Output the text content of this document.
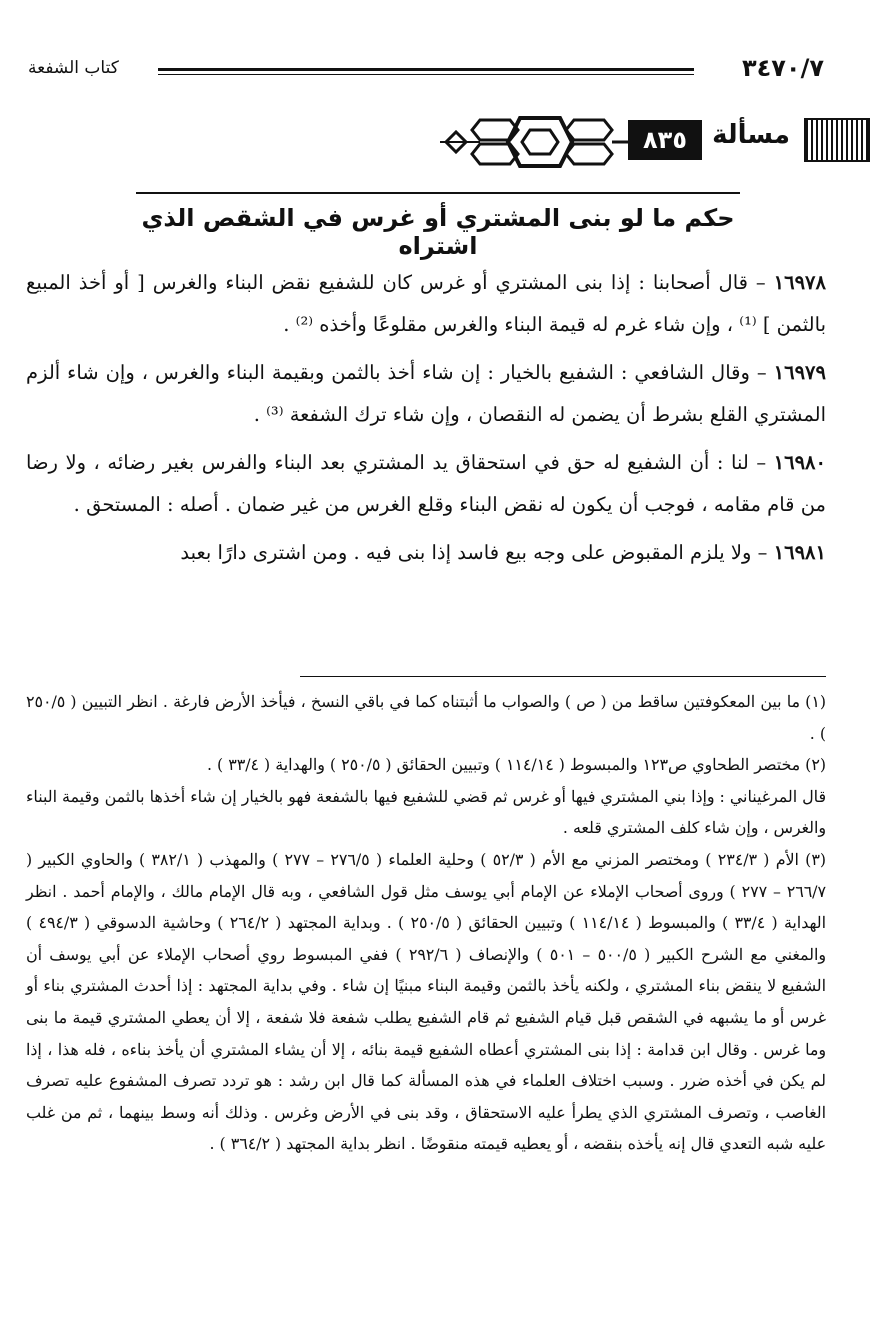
٣٤٧٠/٧
كتاب الشفعة
مسألة
٨٣٥
حكم ما لو بنى المشتري أو غرس في الشقص الذي اشتراه

١٦٩٧٨ – قال أصحابنا : إذا بنى المشتري أو غرس كان للشفيع نقض البناء والغرس [ أو أخذ المبيع بالثمن ] ⁽¹⁾ ، وإن شاء غرم له قيمة البناء والغرس مقلوعًا وأخذه ⁽²⁾ .

١٦٩٧٩ – وقال الشافعي : الشفيع بالخيار : إن شاء أخذ بالثمن وبقيمة البناء والغرس ، وإن شاء ألزم المشتري القلع بشرط أن يضمن له النقصان ، وإن شاء ترك الشفعة ⁽³⁾ .

١٦٩٨٠ – لنا : أن الشفيع له حق في استحقاق يد المشتري بعد البناء والفرس بغير رضائه ، ولا رضا من قام مقامه ، فوجب أن يكون له نقض البناء وقلع الغرس من غير ضمان . أصله : المستحق .

١٦٩٨١ – ولا يلزم المقبوض على وجه بيع فاسد إذا بنى فيه . ومن اشترى دارًا بعبد

(١) ما بين المعكوفتين ساقط من ( ص ) والصواب ما أثبتناه كما في باقي النسخ ، فيأخذ الأرض فارغة . انظر التبيين ( ٢٥٠/٥ ) .

(٢) مختصر الطحاوي ص١٢٣ والمبسوط ( ١١٤/١٤ ) وتبيين الحقائق ( ٢٥٠/٥ ) والهداية ( ٣٣/٤ ) .

قال المرغيناني : وإذا بني المشتري فيها أو غرس ثم قضي للشفيع فيها بالشفعة فهو بالخيار إن شاء أخذها بالثمن وقيمة البناء والغرس ، وإن شاء كلف المشتري قلعه .

(٣) الأم ( ٢٣٤/٣ ) ومختصر المزني مع الأم ( ٥٢/٣ ) وحلية العلماء ( ٢٧٦/٥ – ٢٧٧ ) والمهذب ( ٣٨٢/١ ) والحاوي الكبير ( ٢٦٦/٧ – ٢٧٧ ) وروى أصحاب الإملاء عن الإمام أبي يوسف مثل قول الشافعي ، وبه قال الإمام مالك ، والإمام أحمد . انظر الهداية ( ٣٣/٤ ) والمبسوط ( ١١٤/١٤ ) وتبيين الحقائق ( ٢٥٠/٥ ) . وبداية المجتهد ( ٢٦٤/٢ ) وحاشية الدسوقي ( ٤٩٤/٣ ) والمغني مع الشرح الكبير ( ٥٠٠/٥ – ٥٠١ ) والإنصاف ( ٢٩٢/٦ ) ففي المبسوط روي أصحاب الإملاء عن أبي يوسف أن الشفيع لا ينقض بناء المشتري ، ولكنه يأخذ بالثمن وقيمة البناء مبنيًا إن شاء . وفي بداية المجتهد : إذا أحدث المشتري بناء أو غرس أو ما يشبهه في الشقص قبل قيام الشفيع ثم قام الشفيع يطلب شفعة فلا شفعة ، إلا أن يعطي المشتري قيمة ما بنى وما غرس . وقال ابن قدامة : إذا بنى المشتري أعطاه الشفيع قيمة بنائه ، إلا أن يشاء المشتري أن يأخذ بناءه ، فله هذا ، إذا لم يكن في أخذه ضرر . وسبب اختلاف العلماء في هذه المسألة كما قال ابن رشد : هو تردد تصرف المشفوع عليه تصرف الغاصب ، وتصرف المشتري الذي يطرأ عليه الاستحقاق ، وقد بنى في الأرض وغرس . وذلك أنه وسط بينهما ، ثم من غلب عليه شبه التعدي قال إنه يأخذه بنقضه ، أو يعطيه قيمته منقوضًا . انظر بداية المجتهد ( ٣٦٤/٢ ) .
